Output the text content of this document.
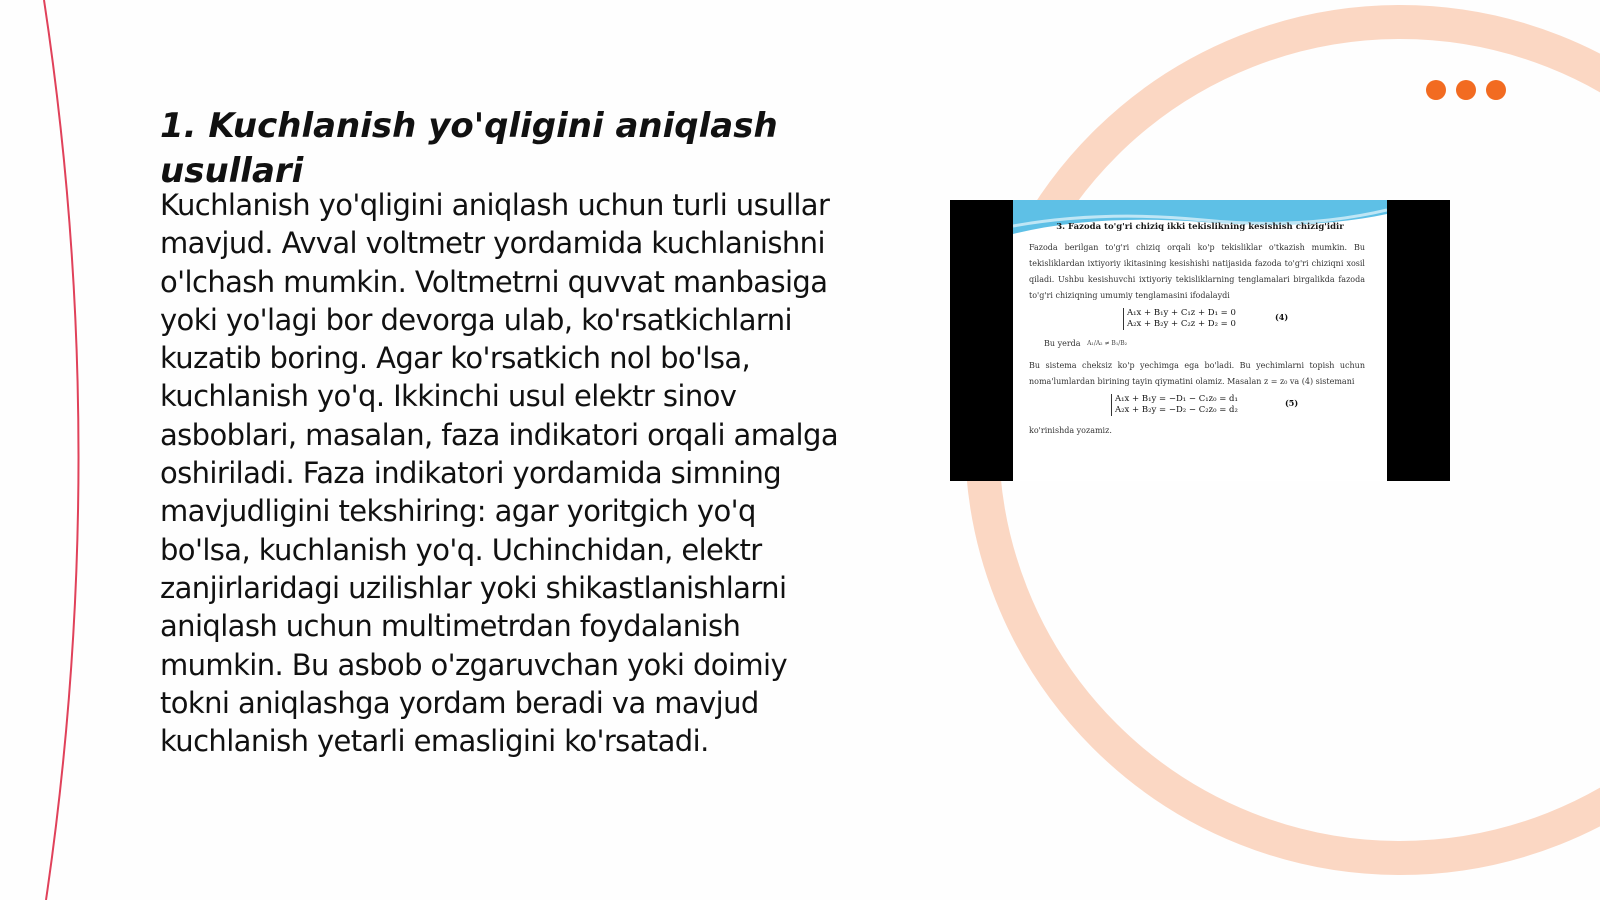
1. Kuchlanish yo'qligini aniqlash usullari

Kuchlanish yo'qligini aniqlash uchun turli usullar mavjud. Avval voltmetr yordamida kuchlanishni o'lchash mumkin. Voltmetrni quvvat manbasiga yoki yo'lagi bor devorga ulab, ko'rsatkichlarni kuzatib boring. Agar ko'rsatkich nol bo'lsa, kuchlanish yo'q. Ikkinchi usul elektr sinov asboblari, masalan, faza indikatori orqali amalga oshiriladi. Faza indikatori yordamida simning mavjudligini tekshiring: agar yoritgich yo'q bo'lsa, kuchlanish yo'q. Uchinchidan, elektr zanjirlaridagi uzilishlar yoki shikastlanishlarni aniqlash uchun multimetrdan foydalanish mumkin. Bu asbob o'zgaruvchan yoki doimiy tokni aniqlashga yordam beradi va mavjud kuchlanish yetarli emasligini ko'rsatadi.

3. Fazoda to'g'ri chiziq ikki tekislikning kesishish chizig'idir

Fazoda berilgan to'g'ri chiziq orqali ko'p tekisliklar o'tkazish mumkin. Bu tekisliklardan ixtiyoriy ikitasining kesishishi natijasida fazoda to'g'ri chiziqni xosil qiladi. Ushbu kesishuvchi ixtiyoriy tekisliklarning tenglamalari birgalikda fazoda to'g'ri chiziqning umumiy tenglamasini ifodalaydi

A₁x + B₁y + C₁z + D₁ = 0
A₂x + B₂y + C₂z + D₂ = 0
(4)
Bu yerda A₁/A₂ ≠ B₁/B₂

Bu sistema cheksiz ko'p yechimga ega bo'ladi. Bu yechimlarni topish uchun noma'lumlardan birining tayin qiymatini olamiz. Masalan z = z₀ va (4) sistemani

A₁x + B₁y = −D₁ − C₁z₀ = d₁
A₂x + B₂y = −D₂ − C₂z₀ = d₂
(5)
ko'rinishda yozamiz.
